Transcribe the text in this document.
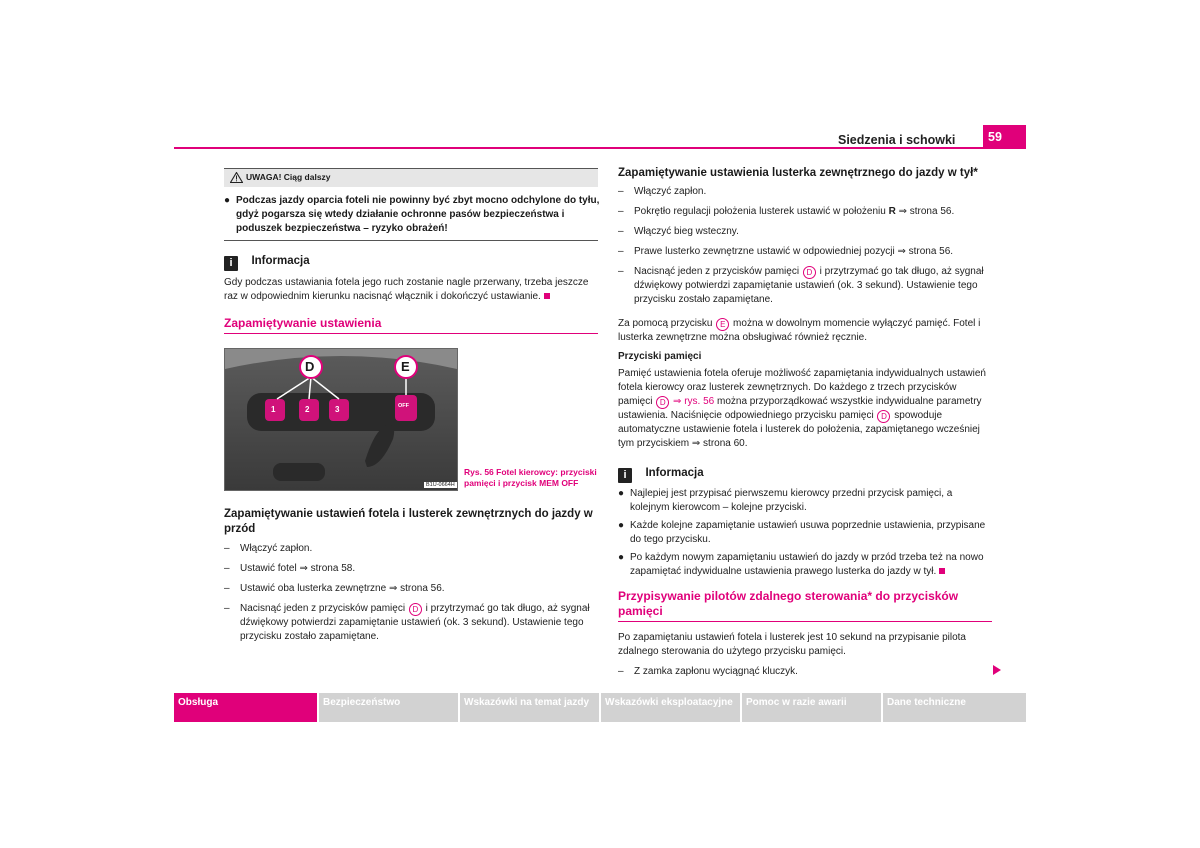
Siedzenia i schowki	59
UWAGA! Ciąg dalszy
● Podczas jazdy oparcia foteli nie powinny być zbyt mocno odchylone do tyłu, gdyż pogarsza się wtedy działanie ochronne pasów bezpieczeństwa i poduszek bezpieczeństwa – ryzyko obrażeń!
i Informacja
Gdy podczas ustawiania fotela jego ruch zostanie nagle przerwany, trzeba jeszcze raz w odpowiednim kierunku nacisnąć włącznik i dokończyć ustawianie.
Zapamiętywanie ustawienia
D	E
1	2	3	OFF
B1U-0664H
Rys. 56 Fotel kierowcy: przyciski pamięci i przycisk MEM OFF
Zapamiętywanie ustawień fotela i lusterek zewnętrznych do jazdy w przód
– Włączyć zapłon.
– Ustawić fotel ⇒ strona 58.
– Ustawić oba lusterka zewnętrzne ⇒ strona 56.
– Nacisnąć jeden z przycisków pamięci D i przytrzymać go tak długo, aż sygnał dźwiękowy potwierdzi zapamiętanie ustawień (ok. 3 sekund). Ustawienie tego przycisku zostało zapamiętane.
Zapamiętywanie ustawienia lusterka zewnętrznego do jazdy w tył*
– Włączyć zapłon.
– Pokrętło regulacji położenia lusterek ustawić w położeniu R ⇒ strona 56.
– Włączyć bieg wsteczny.
– Prawe lusterko zewnętrzne ustawić w odpowiedniej pozycji ⇒ strona 56.
– Nacisnąć jeden z przycisków pamięci D i przytrzymać go tak długo, aż sygnał dźwiękowy potwierdzi zapamiętanie ustawień (ok. 3 sekund). Ustawienie tego przycisku zostało zapamiętane.
Za pomocą przycisku E można w dowolnym momencie wyłączyć pamięć. Fotel i lusterka zewnętrzne można obsługiwać również ręcznie.
Przyciski pamięci
Pamięć ustawienia fotela oferuje możliwość zapamiętania indywidualnych ustawień fotela kierowcy oraz lusterek zewnętrznych. Do każdego z trzech przycisków pamięci D ⇒ rys. 56 można przyporządkować wszystkie indywidualne parametry ustawienia. Naciśnięcie odpowiedniego przycisku pamięci D spowoduje automatyczne ustawienie fotela i lusterek do położenia, zapamiętanego wcześniej tym przyciskiem ⇒ strona 60.
i Informacja
● Najlepiej jest przypisać pierwszemu kierowcy przedni przycisk pamięci, a kolejnym kierowcom – kolejne przyciski.
● Każde kolejne zapamiętanie ustawień usuwa poprzednie ustawienia, przypisane do tego przycisku.
● Po każdym nowym zapamiętaniu ustawień do jazdy w przód trzeba też na nowo zapamiętać indywidualne ustawienia prawego lusterka do jazdy w tył.
Przypisywanie pilotów zdalnego sterowania* do przycisków pamięci
Po zapamiętaniu ustawień fotela i lusterek jest 10 sekund na przypisanie pilota zdalnego sterowania do użytego przycisku pamięci.
– Z zamka zapłonu wyciągnąć kluczyk.
Obsługa	Bezpieczeństwo	Wskazówki na temat jazdy	Wskazówki eksploatacyjne	Pomoc w razie awarii	Dane techniczne
